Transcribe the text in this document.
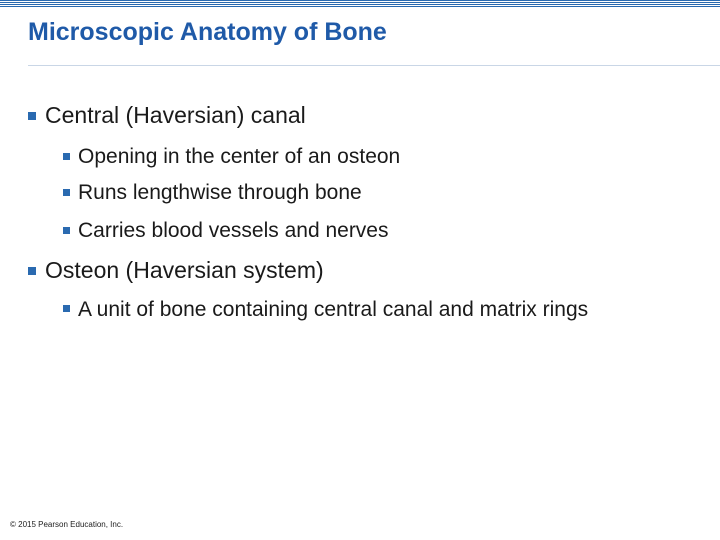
Microscopic Anatomy of Bone
Central (Haversian) canal
Opening in the center of an osteon
Runs lengthwise through bone
Carries blood vessels and nerves
Osteon (Haversian system)
A unit of bone containing central canal and matrix rings
© 2015 Pearson Education, Inc.
